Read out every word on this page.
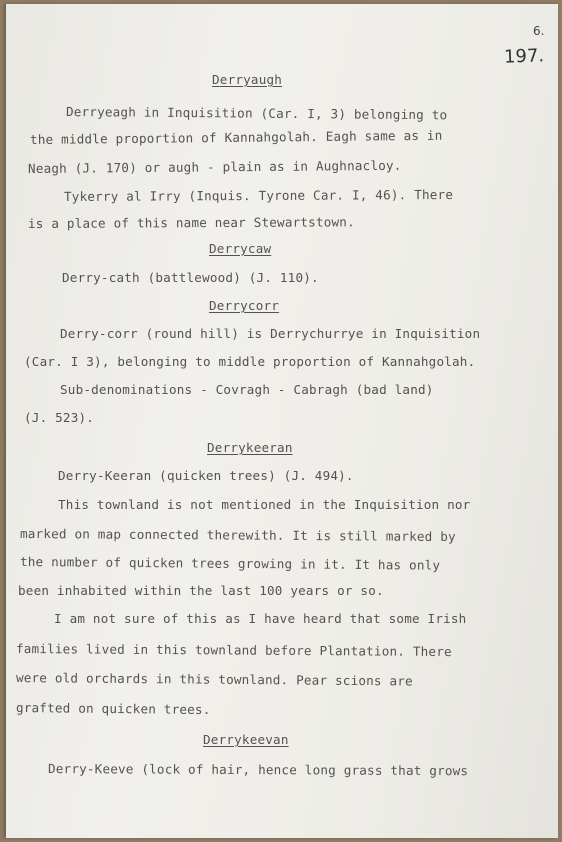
6.
197.
Derryaugh
Derryeagh in Inquisition (Car. I, 3) belonging to
the middle proportion of Kannahgolah. Eagh same as in
Neagh (J. 170) or augh - plain as in Aughnacloy.
Tykerry al Irry (Inquis. Tyrone Car. I, 46). There
is a place of this name near Stewartstown.
Derrycaw
Derry-cath (battlewood) (J. 110).
Derrycorr
Derry-corr (round hill) is Derrychurrye in Inquisition
(Car. I 3), belonging to middle proportion of Kannahgolah.
Sub-denominations - Covragh - Cabragh (bad land)
(J. 523).
Derrykeeran
Derry-Keeran (quicken trees) (J. 494).
This townland is not mentioned in the Inquisition nor
marked on map connected therewith. It is still marked by
the number of quicken trees growing in it. It has only
been inhabited within the last 100 years or so.
I am not sure of this as I have heard that some Irish
families lived in this townland before Plantation. There
were old orchards in this townland. Pear scions are
grafted on quicken trees.
Derrykeevan
Derry-Keeve (lock of hair, hence long grass that grows
